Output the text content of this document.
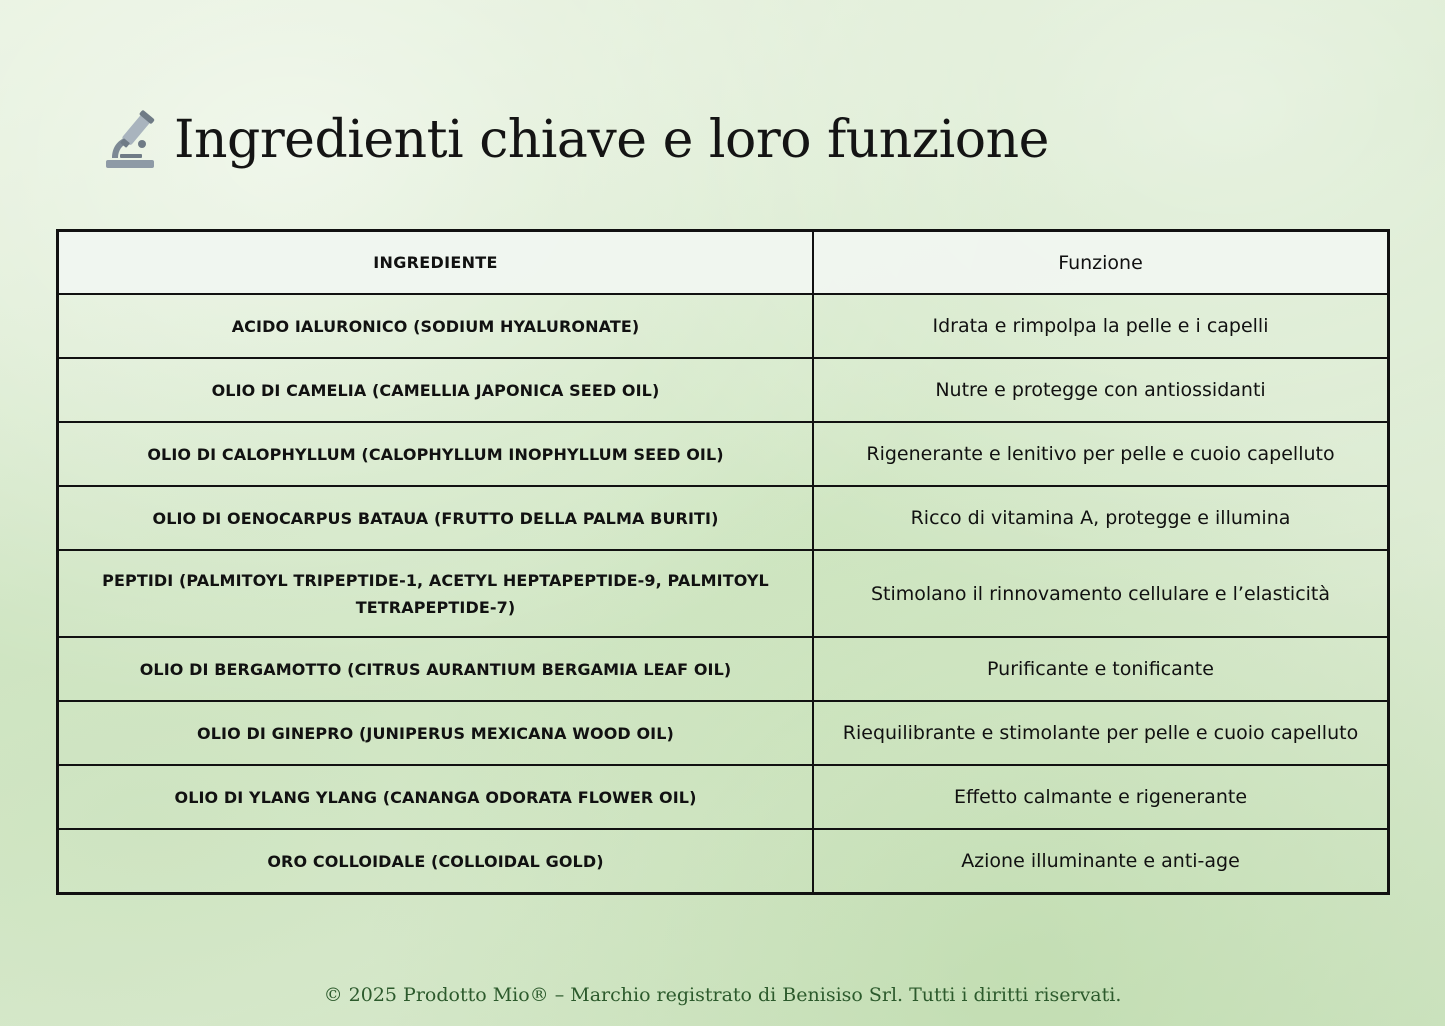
Ingredienti chiave e loro funzione
INGREDIENTE	Funzione
ACIDO IALURONICO (SODIUM HYALURONATE)	Idrata e rimpolpa la pelle e i capelli
OLIO DI CAMELIA (CAMELLIA JAPONICA SEED OIL)	Nutre e protegge con antiossidanti
OLIO DI CALOPHYLLUM (CALOPHYLLUM INOPHYLLUM SEED OIL)	Rigenerante e lenitivo per pelle e cuoio capelluto
OLIO DI OENOCARPUS BATAUA (FRUTTO DELLA PALMA BURITI)	Ricco di vitamina A, protegge e illumina
PEPTIDI (PALMITOYL TRIPEPTIDE-1, ACETYL HEPTAPEPTIDE-9, PALMITOYL TETRAPEPTIDE-7)	Stimolano il rinnovamento cellulare e l’elasticità
OLIO DI BERGAMOTTO (CITRUS AURANTIUM BERGAMIA LEAF OIL)	Purificante e tonificante
OLIO DI GINEPRO (JUNIPERUS MEXICANA WOOD OIL)	Riequilibrante e stimolante per pelle e cuoio capelluto
OLIO DI YLANG YLANG (CANANGA ODORATA FLOWER OIL)	Effetto calmante e rigenerante
ORO COLLOIDALE (COLLOIDAL GOLD)	Azione illuminante e anti-age
© 2025 Prodotto Mio® – Marchio registrato di Benisiso Srl. Tutti i diritti riservati.
